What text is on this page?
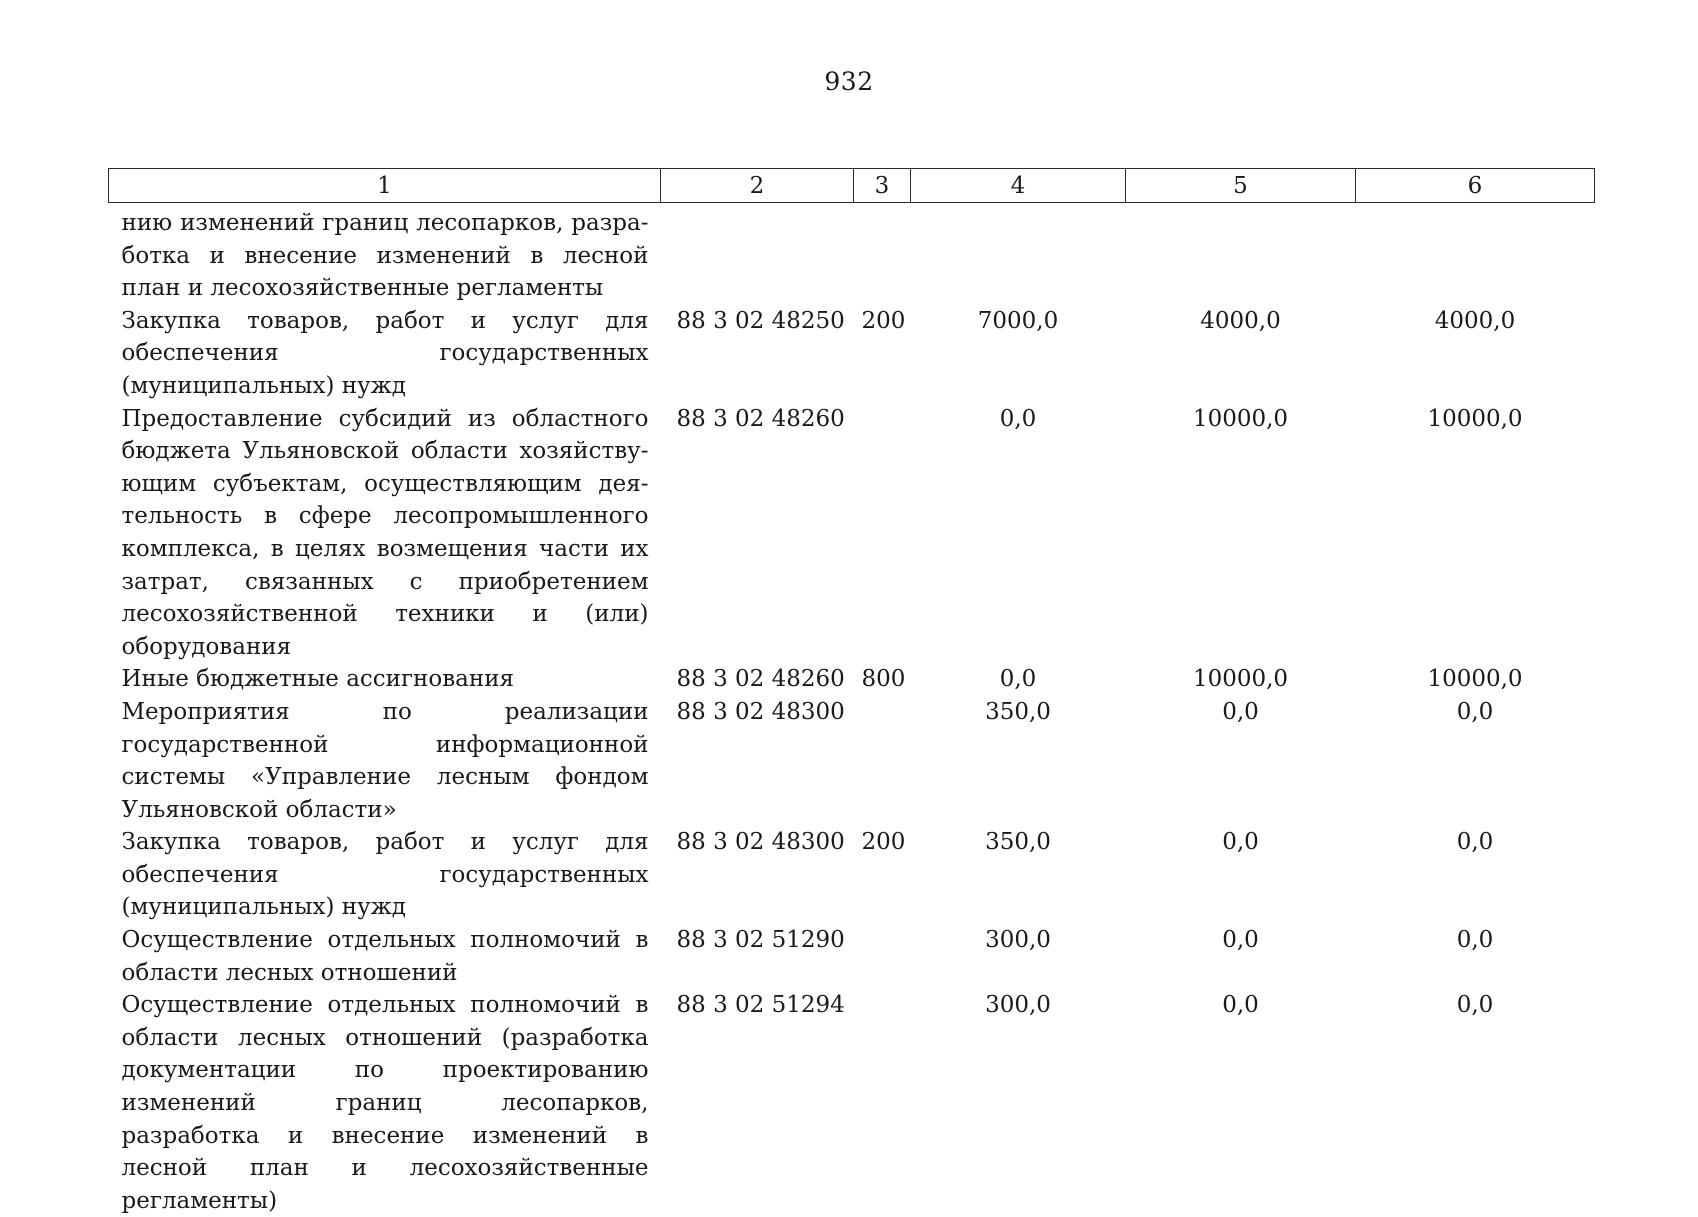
932
1	2	3	4	5	6
нию изменений границ лесопарков, разработка и внесение изменений в лесной план и лесохозяйственные регламенты					
Закупка товаров, работ и услуг для обеспечения государственных (муниципальных) нужд	88 3 02 48250	200	7000,0	4000,0	4000,0
Предоставление субсидий из областного бюджета Ульяновской области хозяйствующим субъектам, осуществляющим деятельность в сфере лесопромышленного комплекса, в целях возмещения части их затрат, связанных с приобретением лесохозяйственной техники и (или) оборудования	88 3 02 48260		0,0	10000,0	10000,0
Иные бюджетные ассигнования	88 3 02 48260	800	0,0	10000,0	10000,0
Мероприятия по реализации государственной информационной системы «Управление лесным фондом Ульяновской области»	88 3 02 48300		350,0	0,0	0,0
Закупка товаров, работ и услуг для обеспечения государственных (муниципальных) нужд	88 3 02 48300	200	350,0	0,0	0,0
Осуществление отдельных полномочий в области лесных отношений	88 3 02 51290		300,0	0,0	0,0
Осуществление отдельных полномочий в области лесных отношений (разработка документации по проектированию изменений границ лесопарков, разработка и внесение изменений в лесной план и лесохозяйственные регламенты)	88 3 02 51294		300,0	0,0	0,0
